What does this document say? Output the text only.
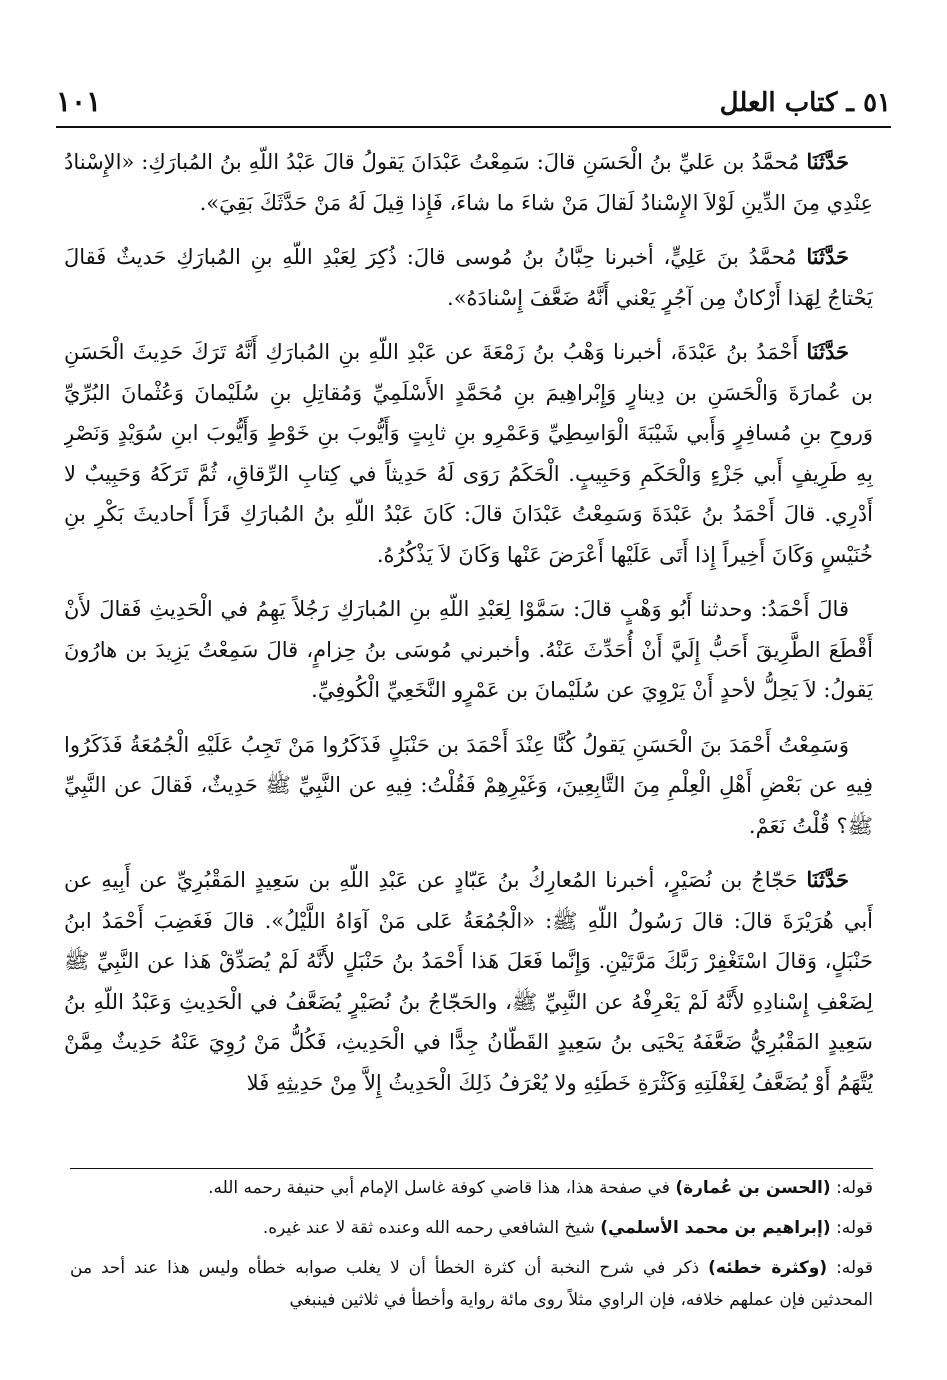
٥١ ـ كتاب العلل
١٠١

حَدَّثَنَا مُحمَّدُ بن عَليِّ بنُ الْحَسَنِ قالَ: سَمِعْتُ عَبْدَانَ يَقولُ قالَ عَبْدُ اللّهِ بنُ المُبارَكِ: «الإِسْنادُ عِنْدِي مِنَ الدِّينِ لَوْلاَ الإِسْنادُ لَقالَ مَنْ شاءَ ما شاءَ، فَإِذا قِيلَ لَهُ مَنْ حَدَّثَكَ بَقِيَ».

حَدَّثَنَا مُحمَّدُ بنَ عَلِيٍّ، أخبرنا حِبَّانُ بنُ مُوسى قالَ: ذُكِرَ لِعَبْدِ اللّهِ بنِ المُبارَكِ حَديثٌ فَقالَ يَحْتاجُ لِهَذا أَرْكانٌ مِن آجُرٍ يَعْني أَنَّهُ ضَعَّفَ إِسْنادَهُ».

حَدَّثَنَا أَحْمَدُ بنُ عَبْدَةَ، أخبرنا وَهْبُ بنُ زَمْعَةَ عن عَبْدِ اللّهِ بنِ المُبارَكِ أَنَّهُ تَرَكَ حَدِيثَ الْحَسَنِ بن عُمارَةَ وَالْحَسَنِ بن دِينارٍ وَإِبْراهِيمَ بنِ مُحَمَّدٍ الأَسْلَمِيِّ وَمُقاتِلِ بنِ سُلَيْمانَ وَعُثْمانَ البُرِّيِّ وَروحِ بنِ مُسافِرٍ وَأَبي شَيْبَةَ الْوَاسِطِيِّ وَعَمْرِو بنِ ثابِتٍ وَأَيُّوبَ بنِ خَوْطٍ وَأَيُّوبَ ابنِ سُوَيْدٍ وَنَصْرِ بِهِ طَرِيفٍ أَبي جَزْءٍ وَالْحَكَمِ وَحَبِيبٍ. الْحَكَمُ رَوَى لَهُ حَدِيثاً في كِتابِ الرِّقاقِ، ثُمَّ تَرَكَهُ وَحَبِيبٌ لا أَدْرِي. قالَ أَحْمَدُ بنُ عَبْدَةَ وَسَمِعْتُ عَبْدَانَ قالَ: كَانَ عَبْدُ اللّهِ بنُ المُبارَكِ قَرَأَ أَحاديثَ بَكْرِ بنِ خُنَيْسٍ وَكَانَ أَخِيراً إِذا أَتَى عَلَيْها أَعْرَضَ عَنْها وَكَانَ لاَ يَذْكُرُهُ.

قالَ أَحْمَدُ: وحدثنا أَبُو وَهْبٍ قالَ: سَمَّوْا لِعَبْدِ اللّهِ بنِ المُبارَكِ رَجُلاً يَهِمُ في الْحَدِيثِ فَقالَ لأَنْ أَقْطَعَ الطَّرِيقَ أَحَبُّ إِلَيَّ أَنْ أُحَدِّثَ عَنْهُ. وأخبرني مُوسَى بنُ حِزامٍ، قالَ سَمِعْتُ يَزِيدَ بن هارُونَ يَقولُ: لاَ يَحِلُّ لأحدٍ أَنْ يَرْوِيَ عن سُلَيْمانَ بن عَمْرٍو النَّخَعِيِّ الْكُوفِيِّ.

وَسَمِعْتُ أَحْمَدَ بنَ الْحَسَنِ يَقولُ كُنَّا عِنْدَ أَحْمَدَ بن حَنْبَلٍ فَذَكَرُوا مَنْ تَجِبُ عَلَيْهِ الْجُمُعَةُ فَذَكَرُوا فِيهِ عن بَعْضِ أَهْلِ الْعِلْمِ مِنَ التَّابِعِينَ، وَغَيْرِهِمْ فَقُلْتُ: فِيهِ عن النَّبِيِّ ﷺ حَدِيثٌ، فَقالَ عن النَّبِيِّ ﷺ؟ قُلْتُ نَعَمْ.

حَدَّثَنَا حَجّاجُ بن نُصَيْرٍ، أخبرنا المُعارِكُ بنُ عَبّادٍ عن عَبْدِ اللّهِ بن سَعِيدٍ المَقْبُرِيِّ عن أَبِيهِ عن أَبي هُرَيْرَةَ قالَ: قالَ رَسُولُ اللّهِ ﷺ: «الْجُمُعَةُ عَلى مَنْ آوَاهُ اللَّيْلُ». قالَ فَغَضِبَ أَحْمَدُ ابنُ حَنْبَلٍ، وَقالَ اسْتَغْفِرْ رَبَّكَ مَرَّتَيْنِ. وَإِنَّما فَعَلَ هَذا أَحْمَدُ بنُ حَنْبَلٍ لأَنَّهُ لَمْ يُصَدِّقْ هَذا عن النَّبِيِّ ﷺ لِضَعْفِ إِسْنادِهِ لأَنَّهُ لَمْ يَعْرِفْهُ عن النَّبِيِّ ﷺ، والحَجّاجُ بنُ نُصَيْرٍ يُضَعَّفُ في الْحَدِيثِ وَعَبْدُ اللّهِ بنُ سَعِيدٍ المَقْبُرِيُّ ضَعَّفَهُ يَحْيَى بنُ سَعِيدٍ القَطّانُ جِدًّا في الْحَدِيثِ، فَكُلُّ مَنْ رُوِيَ عَنْهُ حَدِيثٌ مِمَّنْ يُتَّهَمُ أَوْ يُضَعَّفُ لِغَفْلَتِهِ وَكَثْرَةِ خَطَئِهِ ولا يُعْرَفُ ذَلِكَ الْحَدِيثُ إِلاَّ مِنْ حَدِيثِهِ فَلا

قوله: (الحسن بن عُمارة) في صفحة هذا، هذا قاضي كوفة غاسل الإمام أبي حنيفة رحمه الله.

قوله: (إبراهيم بن محمد الأسلمي) شيخ الشافعي رحمه الله وعنده ثقة لا عند غيره.

قوله: (وكثرة خطئه) ذكر في شرح النخبة أن كثرة الخطأ أن لا يغلب صوابه خطأه وليس هذا عند أحد من المحدثين فإن عملهم خلافه، فإن الراوي مثلاً روى مائة رواية وأخطأ في ثلاثين فينبغي
